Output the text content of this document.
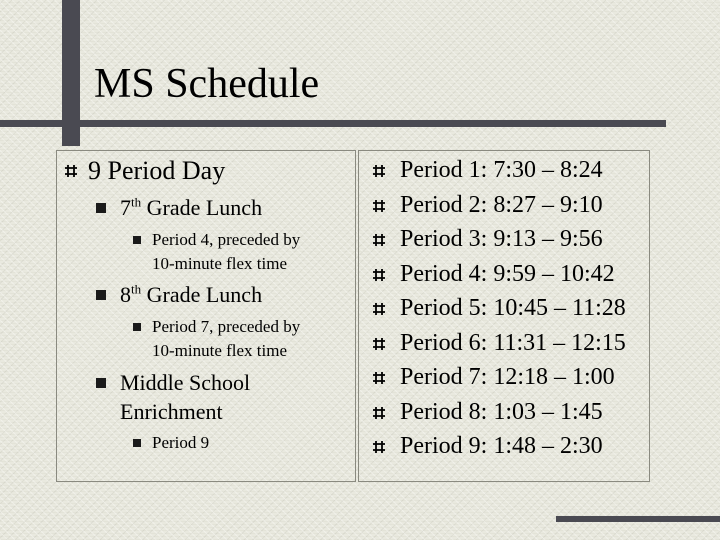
MS Schedule
9 Period Day
7th Grade Lunch
Period 4, preceded by
10-minute flex time
8th Grade Lunch
Period 7, preceded by
10-minute flex time
Middle School
Enrichment
Period 9
Period 1: 7:30 – 8:24
Period 2: 8:27 – 9:10
Period 3: 9:13 – 9:56
Period 4: 9:59 – 10:42
Period 5: 10:45 – 11:28
Period 6: 11:31 – 12:15
Period 7: 12:18 – 1:00
Period 8: 1:03 – 1:45
Period 9: 1:48 – 2:30
